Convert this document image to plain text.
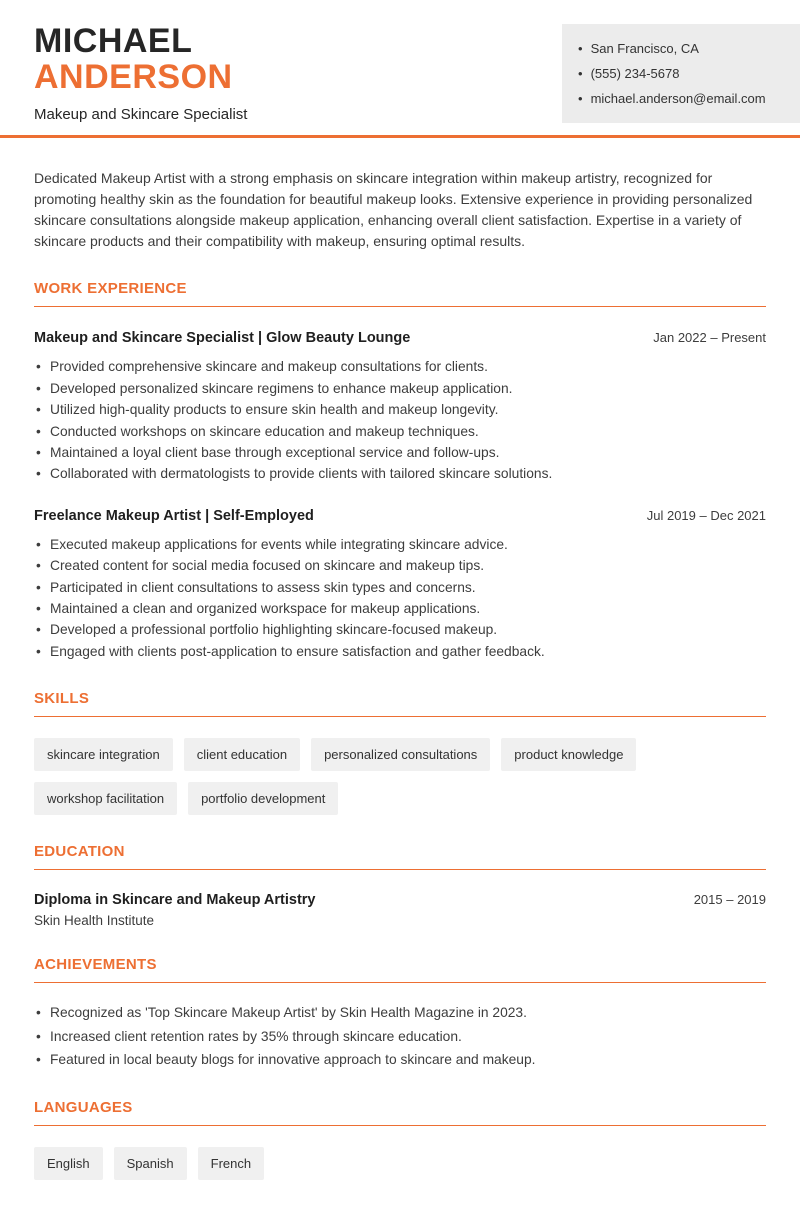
MICHAEL
ANDERSON
Makeup and Skincare Specialist
• San Francisco, CA
• (555) 234-5678
• michael.anderson@email.com

Dedicated Makeup Artist with a strong emphasis on skincare integration within makeup artistry, recognized for promoting healthy skin as the foundation for beautiful makeup looks. Extensive experience in providing personalized skincare consultations alongside makeup application, enhancing overall client satisfaction. Expertise in a variety of skincare products and their compatibility with makeup, ensuring optimal results.

WORK EXPERIENCE
Makeup and Skincare Specialist | Glow Beauty Lounge	Jan 2022 – Present
• Provided comprehensive skincare and makeup consultations for clients.
• Developed personalized skincare regimens to enhance makeup application.
• Utilized high-quality products to ensure skin health and makeup longevity.
• Conducted workshops on skincare education and makeup techniques.
• Maintained a loyal client base through exceptional service and follow-ups.
• Collaborated with dermatologists to provide clients with tailored skincare solutions.
Freelance Makeup Artist | Self-Employed	Jul 2019 – Dec 2021
• Executed makeup applications for events while integrating skincare advice.
• Created content for social media focused on skincare and makeup tips.
• Participated in client consultations to assess skin types and concerns.
• Maintained a clean and organized workspace for makeup applications.
• Developed a professional portfolio highlighting skincare-focused makeup.
• Engaged with clients post-application to ensure satisfaction and gather feedback.
SKILLS
skincare integration	client education	personalized consultations	product knowledge
workshop facilitation	portfolio development
EDUCATION
Diploma in Skincare and Makeup Artistry	2015 – 2019
Skin Health Institute
ACHIEVEMENTS
• Recognized as 'Top Skincare Makeup Artist' by Skin Health Magazine in 2023.
• Increased client retention rates by 35% through skincare education.
• Featured in local beauty blogs for innovative approach to skincare and makeup.
LANGUAGES
English	Spanish	French
